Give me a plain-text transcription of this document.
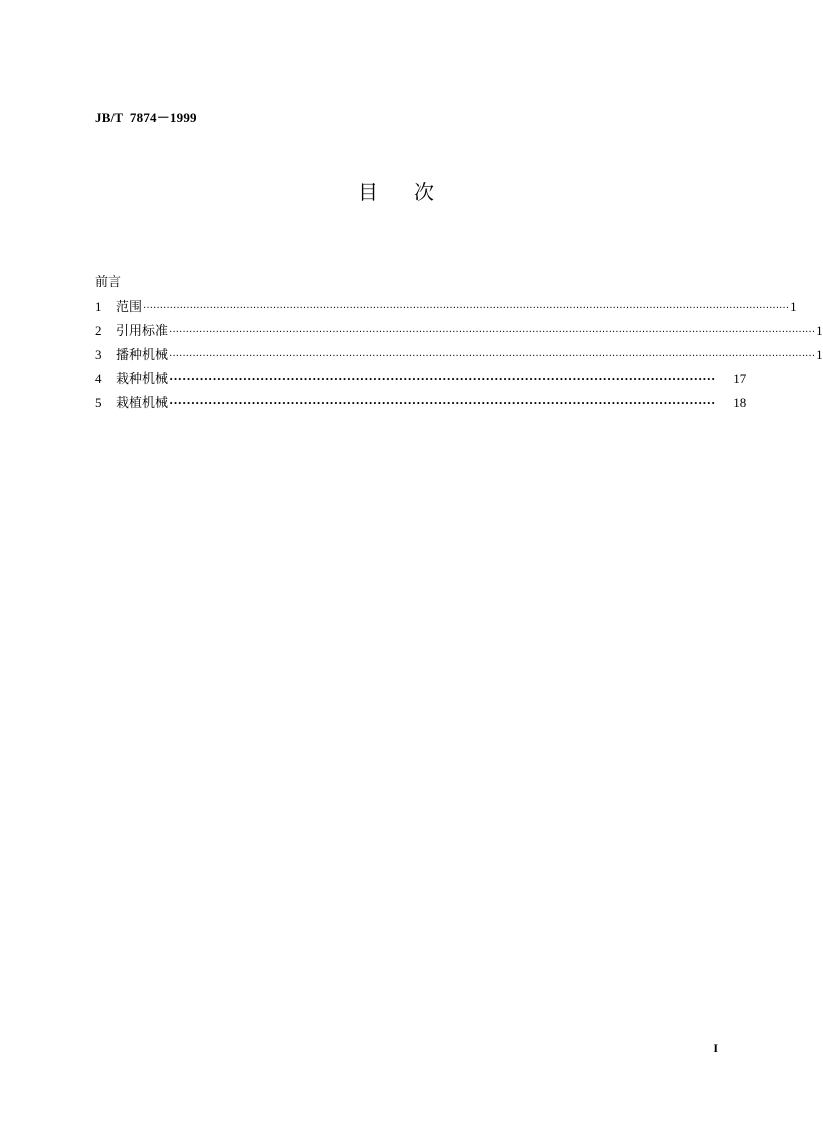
JB/T  7874－1999
目次
前言
1	范围 ·································································································································································································· 1
2	引用标准 ·································································································································································································· 1
3	播种机械 ·································································································································································································· 1
4	栽种机械 ······························································································································	17
5	栽植机械 ······························································································································	18
I
